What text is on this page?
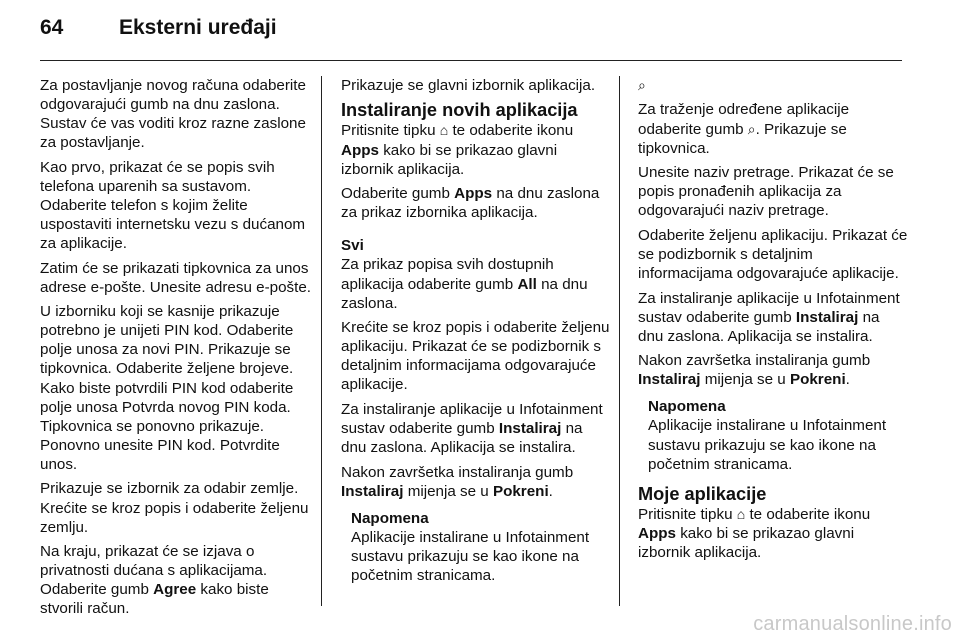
64	Eksterni uređaji

Za postavljanje novog računa odaberite odgovarajući gumb na dnu zaslona. Sustav će vas voditi kroz razne zaslone za postavljanje.

Kao prvo, prikazat će se popis svih telefona uparenih sa sustavom. Odaberite telefon s kojim želite uspostaviti internetsku vezu s dućanom za aplikacije.

Zatim će se prikazati tipkovnica za unos adrese e-pošte. Unesite adresu e-pošte.

U izborniku koji se kasnije prikazuje potrebno je unijeti PIN kod. Odaberite polje unosa za novi PIN. Prikazuje se tipkovnica. Odaberite željene brojeve. Kako biste potvrdili PIN kod odaberite polje unosa Potvrda novog PIN koda. Tipkovnica se ponovno prikazuje. Ponovno unesite PIN kod. Potvrdite unos.

Prikazuje se izbornik za odabir zemlje. Krećite se kroz popis i odaberite željenu zemlju.

Na kraju, prikazat će se izjava o privatnosti dućana s aplikacijama. Odaberite gumb Agree kako biste stvorili račun.

Prikazuje se glavni izbornik aplikacija.

Instaliranje novih aplikacija

Pritisnite tipku ⌂ te odaberite ikonu Apps kako bi se prikazao glavni izbornik aplikacija.

Odaberite gumb Apps na dnu zaslona za prikaz izbornika aplikacija.

Svi

Za prikaz popisa svih dostupnih aplikacija odaberite gumb All na dnu zaslona.

Krećite se kroz popis i odaberite željenu aplikaciju. Prikazat će se podizbornik s detaljnim informacijama odgovarajuće aplikacije.

Za instaliranje aplikacije u Infotainment sustav odaberite gumb Instaliraj na dnu zaslona. Aplikacija se instalira.

Nakon završetka instaliranja gumb Instaliraj mijenja se u Pokreni.

Napomena
Aplikacije instalirane u Infotainment sustavu prikazuju se kao ikone na početnim stranicama.

⌕

Za traženje određene aplikacije odaberite gumb ⌕. Prikazuje se tipkovnica.

Unesite naziv pretrage. Prikazat će se popis pronađenih aplikacija za odgovarajući naziv pretrage.

Odaberite željenu aplikaciju. Prikazat će se podizbornik s detaljnim informacijama odgovarajuće aplikacije.

Za instaliranje aplikacije u Infotainment sustav odaberite gumb Instaliraj na dnu zaslona. Aplikacija se instalira.

Nakon završetka instaliranja gumb Instaliraj mijenja se u Pokreni.

Napomena
Aplikacije instalirane u Infotainment sustavu prikazuju se kao ikone na početnim stranicama.
Moje aplikacije

Pritisnite tipku ⌂ te odaberite ikonu Apps kako bi se prikazao glavni izbornik aplikacija.

carmanualsonline.info
